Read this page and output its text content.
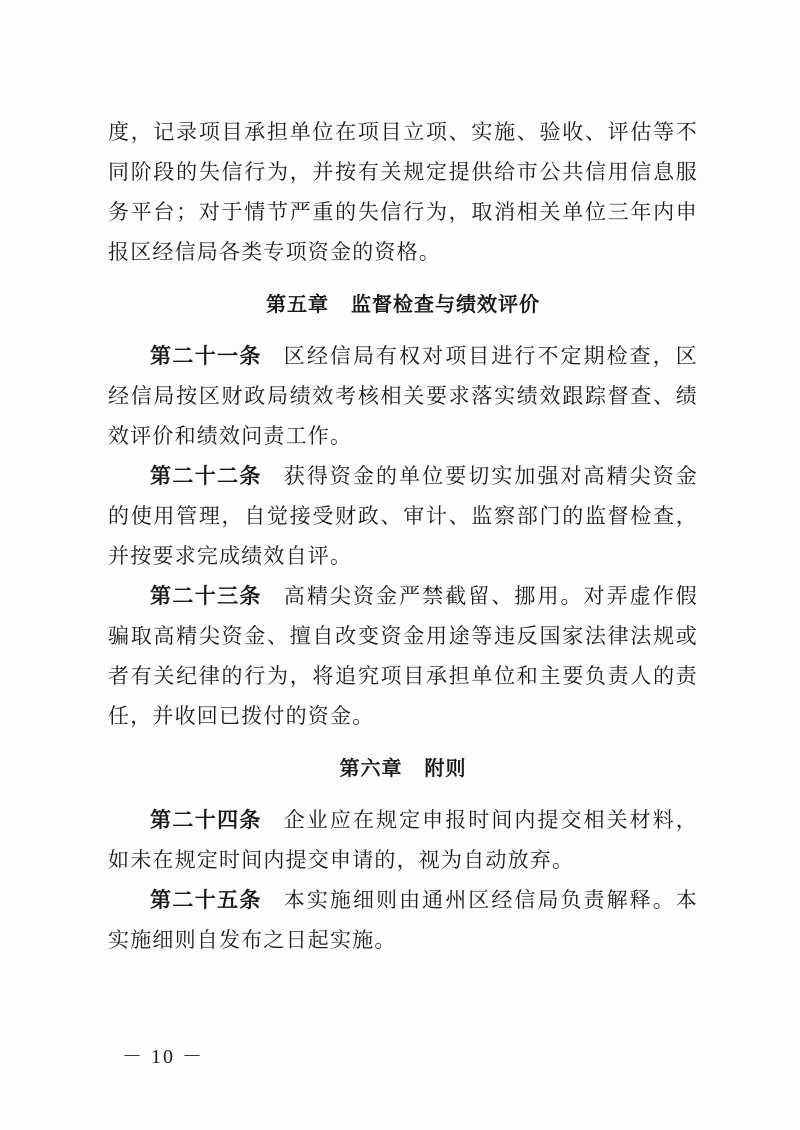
度，记录项目承担单位在项目立项、实施、验收、评估等不同阶段的失信行为，并按有关规定提供给市公共信用信息服务平台；对于情节严重的失信行为，取消相关单位三年内申报区经信局各类专项资金的资格。

第五章 监督检查与绩效评价

第二十一条 区经信局有权对项目进行不定期检查，区经信局按区财政局绩效考核相关要求落实绩效跟踪督查、绩效评价和绩效问责工作。

第二十二条 获得资金的单位要切实加强对高精尖资金的使用管理，自觉接受财政、审计、监察部门的监督检查，并按要求完成绩效自评。

第二十三条 高精尖资金严禁截留、挪用。对弄虚作假骗取高精尖资金、擅自改变资金用途等违反国家法律法规或者有关纪律的行为，将追究项目承担单位和主要负责人的责任，并收回已拨付的资金。

第六章 附则

第二十四条 企业应在规定申报时间内提交相关材料，如未在规定时间内提交申请的，视为自动放弃。

第二十五条 本实施细则由通州区经信局负责解释。本实施细则自发布之日起实施。

－ 10 －
